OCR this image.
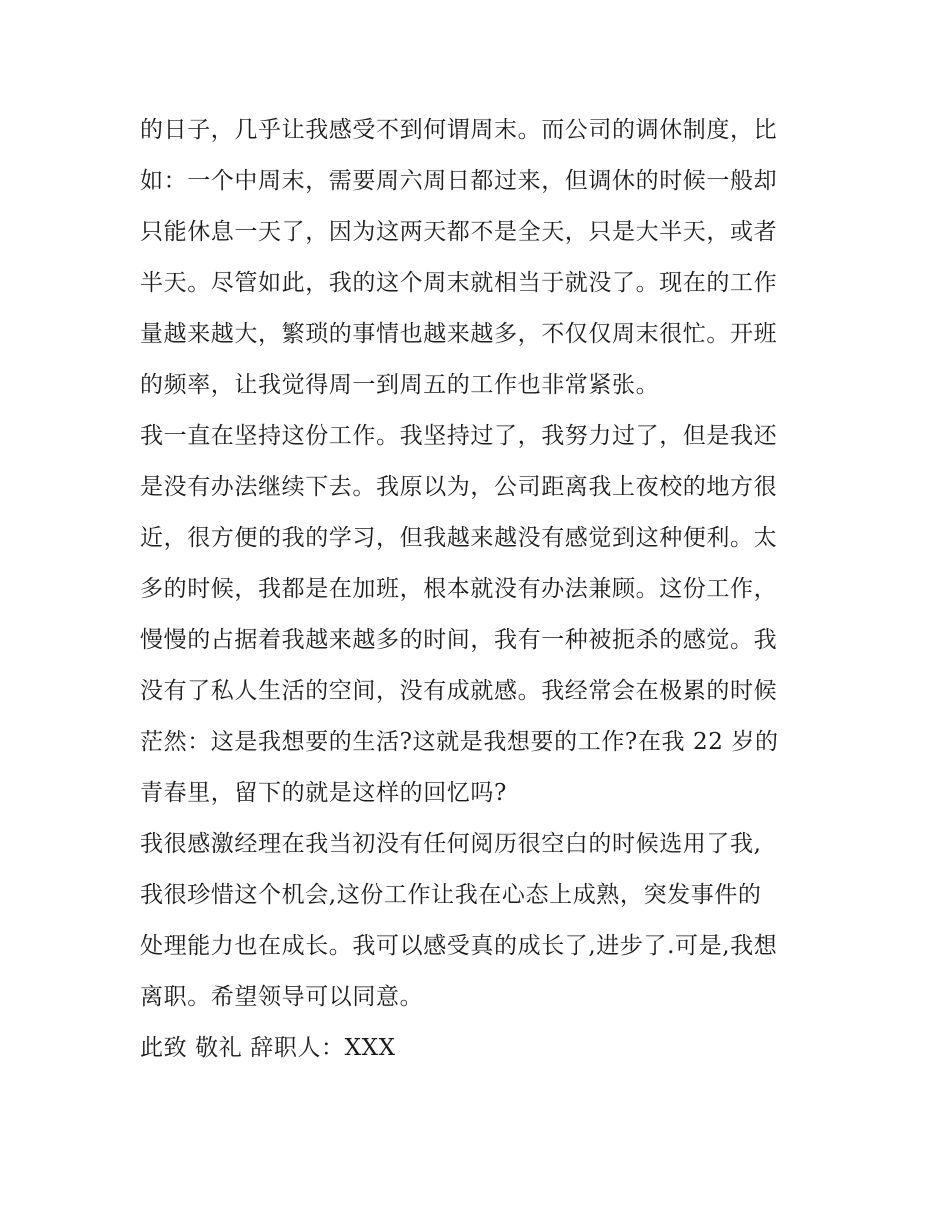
的日子，几乎让我感受不到何谓周末。而公司的调休制度，比
如：一个中周末，需要周六周日都过来，但调休的时候一般却
只能休息一天了，因为这两天都不是全天，只是大半天，或者
半天。尽管如此，我的这个周末就相当于就没了。现在的工作
量越来越大，繁琐的事情也越来越多，不仅仅周末很忙。开班
的频率，让我觉得周一到周五的工作也非常紧张。
我一直在坚持这份工作。我坚持过了，我努力过了，但是我还
是没有办法继续下去。我原以为，公司距离我上夜校的地方很
近，很方便的我的学习，但我越来越没有感觉到这种便利。太
多的时候，我都是在加班，根本就没有办法兼顾。这份工作，
慢慢的占据着我越来越多的时间，我有一种被扼杀的感觉。我
没有了私人生活的空间，没有成就感。我经常会在极累的时候
茫然：这是我想要的生活?这就是我想要的工作?在我 22 岁的
青春里，留下的就是这样的回忆吗?
我很感激经理在我当初没有任何阅历很空白的时候选用了我,
我很珍惜这个机会,这份工作让我在心态上成熟，突发事件的
处理能力也在成长。我可以感受真的成长了,进步了.可是,我想
离职。希望领导可以同意。
此致 敬礼 辞职人：XXX
